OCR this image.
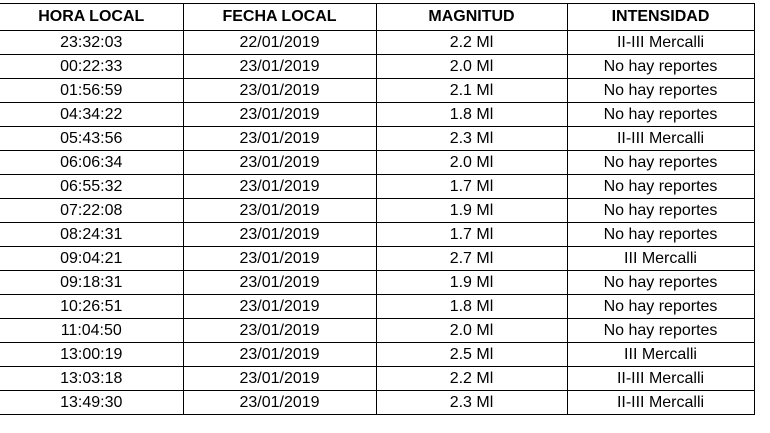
HORA LOCAL	FECHA LOCAL	MAGNITUD	INTENSIDAD
23:32:03	22/01/2019	2.2 Ml	II-III Mercalli
00:22:33	23/01/2019	2.0 Ml	No hay reportes
01:56:59	23/01/2019	2.1 Ml	No hay reportes
04:34:22	23/01/2019	1.8 Ml	No hay reportes
05:43:56	23/01/2019	2.3 Ml	II-III Mercalli
06:06:34	23/01/2019	2.0 Ml	No hay reportes
06:55:32	23/01/2019	1.7 Ml	No hay reportes
07:22:08	23/01/2019	1.9 Ml	No hay reportes
08:24:31	23/01/2019	1.7 Ml	No hay reportes
09:04:21	23/01/2019	2.7 Ml	III Mercalli
09:18:31	23/01/2019	1.9 Ml	No hay reportes
10:26:51	23/01/2019	1.8 Ml	No hay reportes
11:04:50	23/01/2019	2.0 Ml	No hay reportes
13:00:19	23/01/2019	2.5 Ml	III Mercalli
13:03:18	23/01/2019	2.2 Ml	II-III Mercalli
13:49:30	23/01/2019	2.3 Ml	II-III Mercalli
